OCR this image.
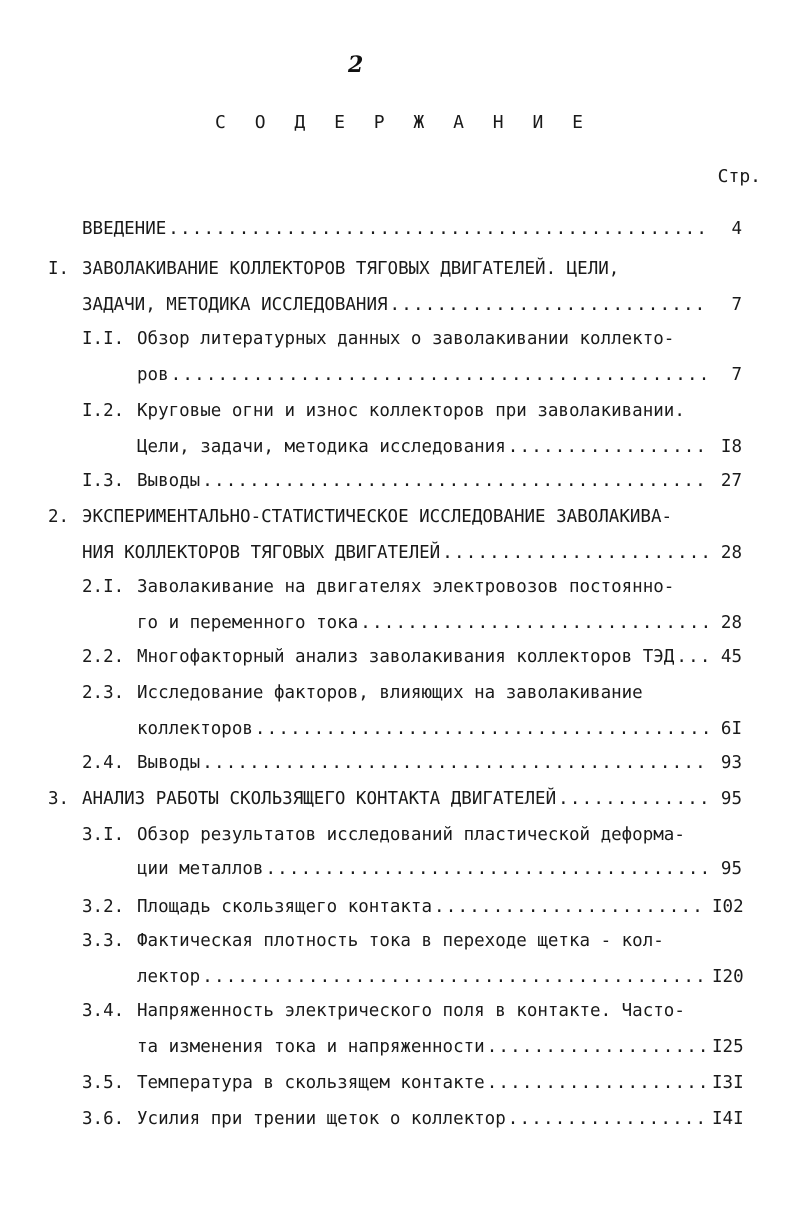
2
С О Д Е Р Ж А Н И Е
Стр.
ВВЕДЕНИЕ .....	4
I. ЗАВОЛАКИВАНИЕ КОЛЛЕКТОРОВ ТЯГОВЫХ ДВИГАТЕЛЕЙ. ЦЕЛИ,
ЗАДАЧИ, МЕТОДИКА ИССЛЕДОВАНИЯ .....	7
I.I. Обзор литературных данных о заволакивании коллекто-
ров .....	7
I.2. Круговые огни и износ коллекторов при заволакивании.
Цели, задачи, методика исследования .....	I8
I.3. Выводы .....	27
2. ЭКСПЕРИМЕНТАЛЬНО-СТАТИСТИЧЕСКОЕ ИССЛЕДОВАНИЕ ЗАВОЛАКИВА-
НИЯ КОЛЛЕКТОРОВ ТЯГОВЫХ ДВИГАТЕЛЕЙ .....	28
2.I. Заволакивание на двигателях электровозов постоянно-
го и переменного тока .....	28
2.2. Многофакторный анализ заволакивания коллекторов ТЭД .....	45
2.3. Исследование факторов, влияющих на заволакивание
коллекторов .....	6I
2.4. Выводы .....	93
3. АНАЛИЗ РАБОТЫ СКОЛЬЗЯЩЕГО КОНТАКТА ДВИГАТЕЛЕЙ .....	95
3.I. Обзор результатов исследований пластической деформа-
ции металлов .....	95
3.2. Площадь скользящего контакта .....	I02
3.3. Фактическая плотность тока в переходе щетка - кол-
лектор .....	I20
3.4. Напряженность электрического поля в контакте. Часто-
та изменения тока и напряженности .....	I25
3.5. Температура в скользящем контакте .....	I3I
3.6. Усилия при трении щеток о коллектор .....	I4I
